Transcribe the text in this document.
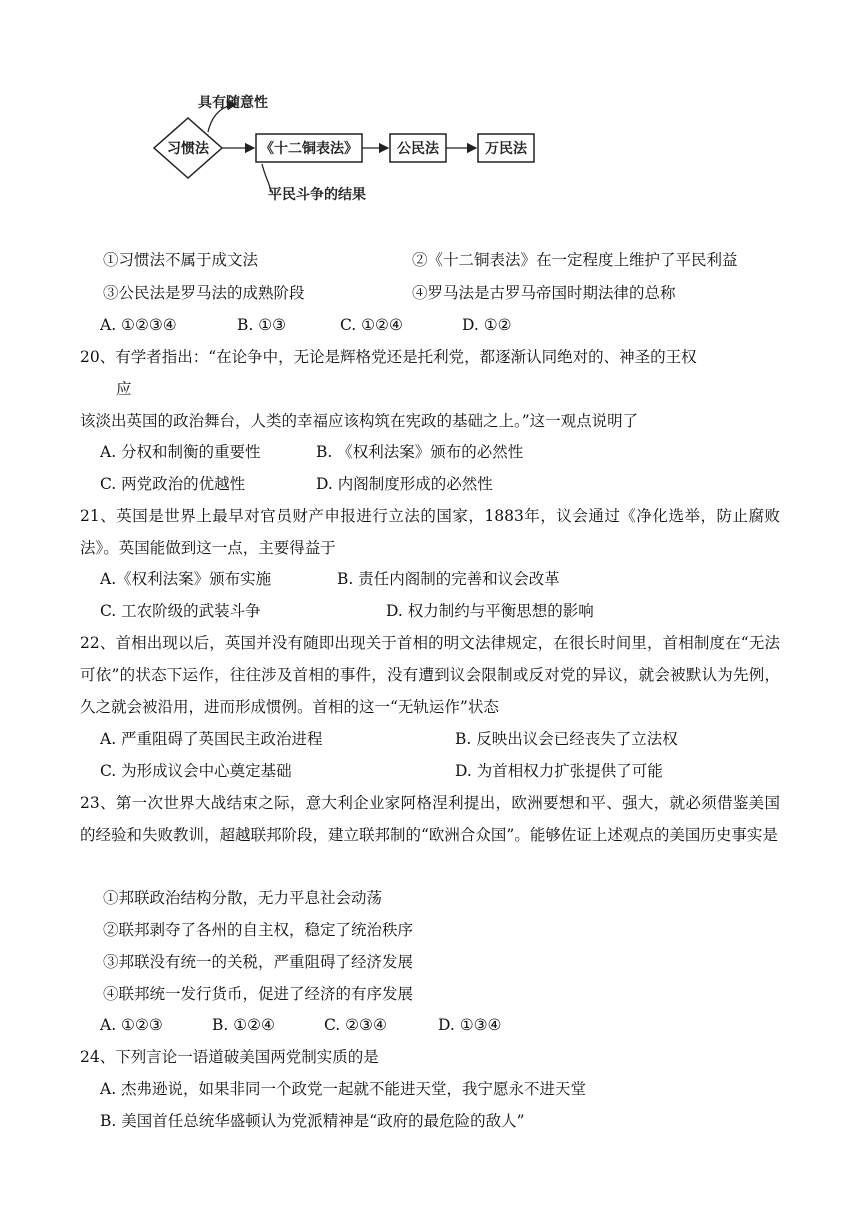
习惯法	《十二铜表法》	公民法	万民法
具有随意性
平民斗争的结果
①习惯法不属于成文法	②《十二铜表法》在一定程度上维护了平民利益
③公民法是罗马法的成熟阶段	④罗马法是古罗马帝国时期法律的总称
A. ①②③④	B. ①③	C. ①②④	D. ①②
20、有学者指出：“在论争中，无论是辉格党还是托利党，都逐渐认同绝对的、神圣的王权
应
该淡出英国的政治舞台，人类的幸福应该构筑在宪政的基础之上。”这一观点说明了
A. 分权和制衡的重要性	B. 《权利法案》颁布的必然性
C. 两党政治的优越性	D. 内阁制度形成的必然性
21、英国是世界上最早对官员财产申报进行立法的国家，1883年，议会通过《净化选举，防止腐败法》。英国能做到这一点，主要得益于
A.《权利法案》颁布实施	B. 责任内阁制的完善和议会改革
C. 工农阶级的武装斗争	D. 权力制约与平衡思想的影响
22、首相出现以后，英国并没有随即出现关于首相的明文法律规定，在很长时间里，首相制度在“无法可依”的状态下运作，往往涉及首相的事件，没有遭到议会限制或反对党的异议，就会被默认为先例，久之就会被沿用，进而形成惯例。首相的这一“无轨运作”状态
A. 严重阻碍了英国民主政治进程	B. 反映出议会已经丧失了立法权
C. 为形成议会中心奠定基础	D. 为首相权力扩张提供了可能
23、第一次世界大战结束之际，意大利企业家阿格涅利提出，欧洲要想和平、强大，就必须借鉴美国的经验和失败教训，超越联邦阶段，建立联邦制的“欧洲合众国”。能够佐证上述观点的美国历史事实是
①邦联政治结构分散，无力平息社会动荡
②联邦剥夺了各州的自主权，稳定了统治秩序
③邦联没有统一的关税，严重阻碍了经济发展
④联邦统一发行货币，促进了经济的有序发展
A. ①②③	B. ①②④	C. ②③④	D. ①③④
24、下列言论一语道破美国两党制实质的是
A. 杰弗逊说，如果非同一个政党一起就不能进天堂，我宁愿永不进天堂
B. 美国首任总统华盛顿认为党派精神是“政府的最危险的敌人”
